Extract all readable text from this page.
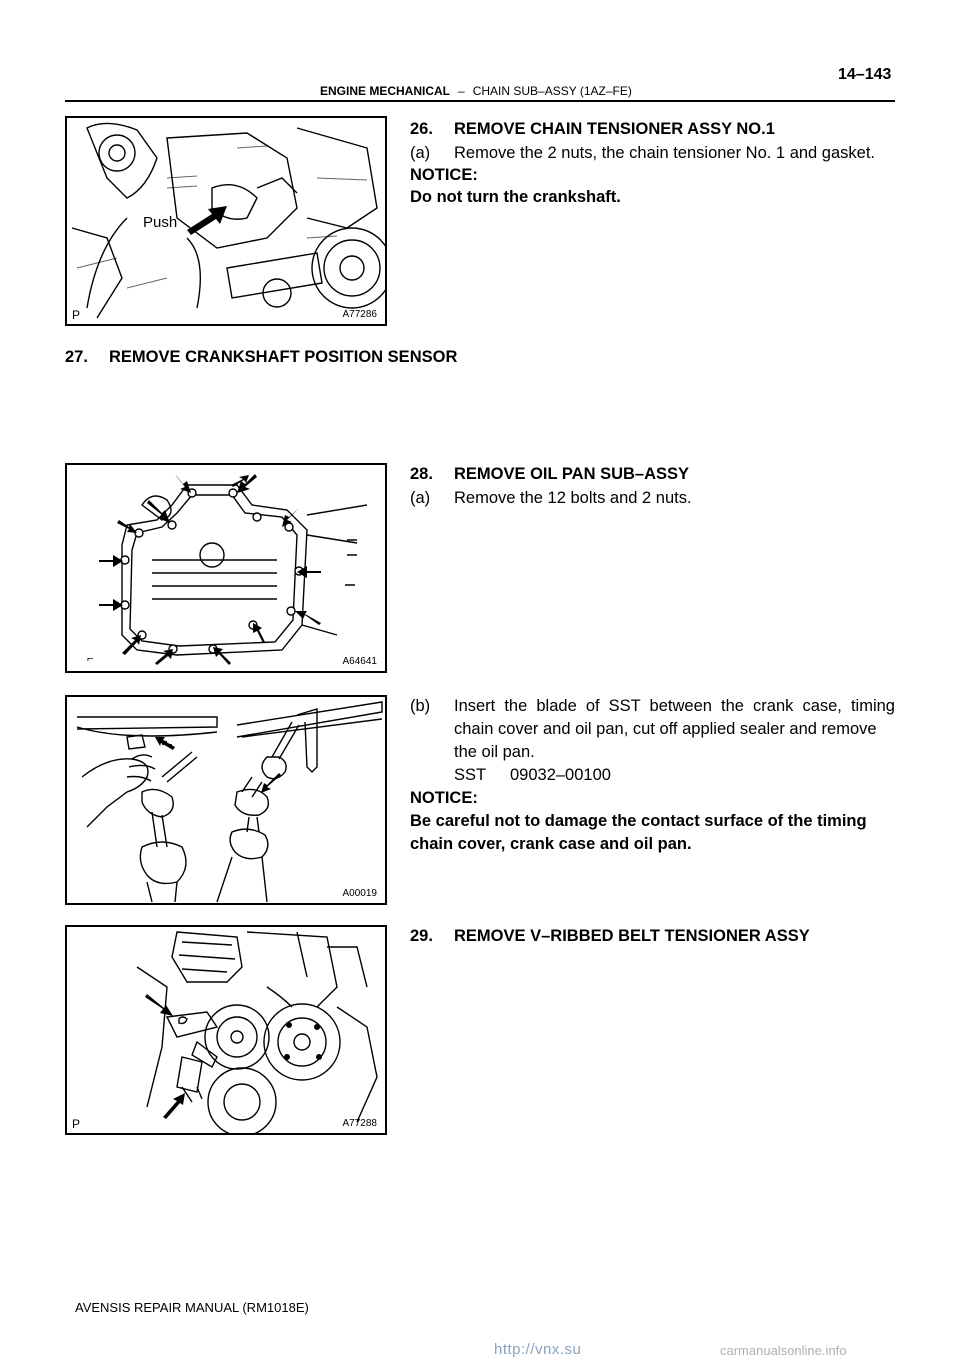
ENGINE MECHANICAL – CHAIN SUB–ASSY (1AZ–FE)
14–143
Push
P	A77286
26. REMOVE CHAIN TENSIONER ASSY NO.1
(a) Remove the 2 nuts, the chain tensioner No. 1 and gasket.
NOTICE:
Do not turn the crankshaft.
27. REMOVE CRANKSHAFT POSITION SENSOR
⌐	A64641
28. REMOVE OIL PAN SUB–ASSY
(a) Remove the 12 bolts and 2 nuts.
A00019
(b) Insert the blade of SST between the crank case, timing
chain cover and oil pan, cut off applied sealer and remove
the oil pan.
SST 09032–00100
NOTICE:
Be careful not to damage the contact surface of the timing
chain cover, crank case and oil pan.
P	A77288
29. REMOVE V–RIBBED BELT TENSIONER ASSY
AVENSIS REPAIR MANUAL (RM1018E)
http://vnx.su	carmanualsonline.info
